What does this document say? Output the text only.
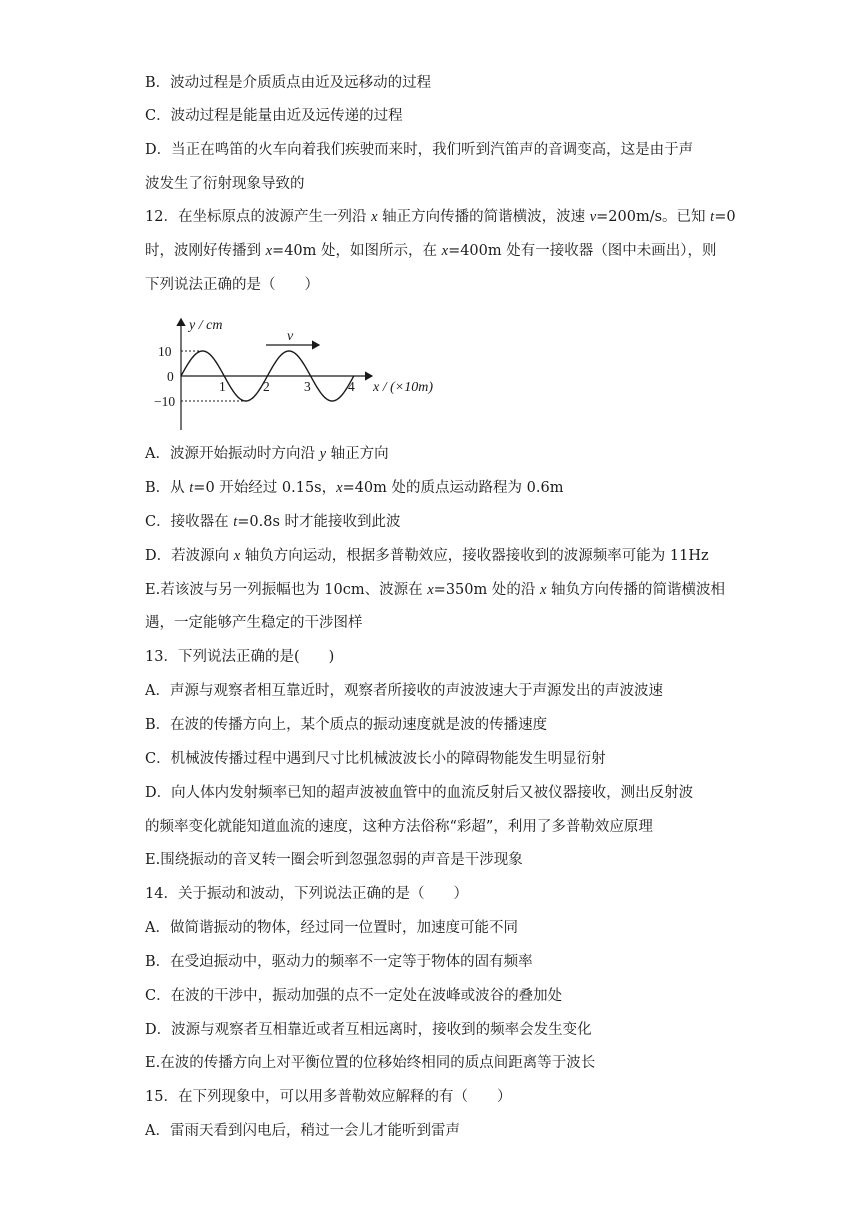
B．波动过程是介质质点由近及远移动的过程
C．波动过程是能量由近及远传递的过程
D．当正在鸣笛的火车向着我们疾驶而来时，我们听到汽笛声的音调变高，这是由于声
波发生了衍射现象导致的
12．在坐标原点的波源产生一列沿 x 轴正方向传播的简谐横波，波速 v=200m/s。已知 t=0
时，波刚好传播到 x=40m 处，如图所示，在 x=400m 处有一接收器（图中未画出），则
下列说法正确的是（　　）
v
y / cm
10
0
−10
1	2	3	4 x / (×10m)
A．波源开始振动时方向沿 y 轴正方向
B．从 t=0 开始经过 0.15s，x=40m 处的质点运动路程为 0.6m
C．接收器在 t=0.8s 时才能接收到此波
D．若波源向 x 轴负方向运动，根据多普勒效应，接收器接收到的波源频率可能为 11Hz
E.若该波与另一列振幅也为 10cm、波源在 x=350m 处的沿 x 轴负方向传播的简谐横波相
遇，一定能够产生稳定的干涉图样
13．下列说法正确的是(　　)
A．声源与观察者相互靠近时，观察者所接收的声波波速大于声源发出的声波波速
B．在波的传播方向上，某个质点的振动速度就是波的传播速度
C．机械波传播过程中遇到尺寸比机械波波长小的障碍物能发生明显衍射
D．向人体内发射频率已知的超声波被血管中的血流反射后又被仪器接收，测出反射波
的频率变化就能知道血流的速度，这种方法俗称“彩超”，利用了多普勒效应原理
E.围绕振动的音叉转一圈会听到忽强忽弱的声音是干涉现象
14．关于振动和波动，下列说法正确的是（　　）
A．做简谐振动的物体，经过同一位置时，加速度可能不同
B．在受迫振动中，驱动力的频率不一定等于物体的固有频率
C．在波的干涉中，振动加强的点不一定处在波峰或波谷的叠加处
D．波源与观察者互相靠近或者互相远离时，接收到的频率会发生变化
E.在波的传播方向上对平衡位置的位移始终相同的质点间距离等于波长
15．在下列现象中，可以用多普勒效应解释的有（　　）
A．雷雨天看到闪电后，稍过一会儿才能听到雷声
